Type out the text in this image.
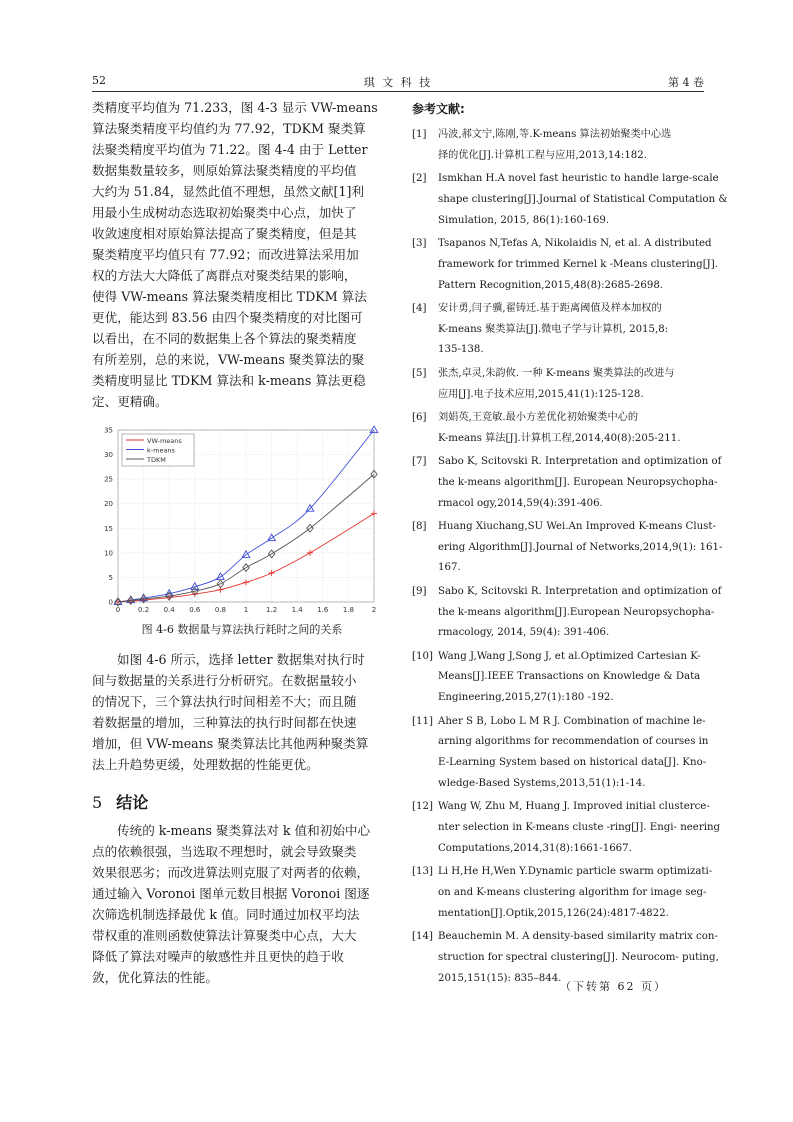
52	琪 文 科 技	第 4 卷

类精度平均值为 71.233，图 4-3 显示 VW-means
算法聚类精度平均值约为 77.92，TDKM 聚类算
法聚类精度平均值为 71.22。图 4-4 由于 Letter
数据集数量较多，则原始算法聚类精度的平均值
大约为 51.84，显然此值不理想，虽然文献[1]利
用最小生成树动态选取初始聚类中心点，加快了
收敛速度相对原始算法提高了聚类精度，但是其
聚类精度平均值只有 77.92；而改进算法采用加
权的方法大大降低了离群点对聚类结果的影响，
使得 VW-means 算法聚类精度相比 TDKM 算法
更优，能达到 83.56 由四个聚类精度的对比图可
以看出，在不同的数据集上各个算法的聚类精度
有所差别，总的来说，VW-means 聚类算法的聚
类精度明显比 TDKM 算法和 k-means 算法更稳
定、更精确。

0	0.2 0.4 0.6 0.8	1	1.2 1.4 1.6 1.8	2
0
5
10
15
20
25
30
35
VW-means
k-means
TDKM
图 4-6 数据量与算法执行耗时之间的关系

如图 4-6 所示，选择 letter 数据集对执行时
间与数据量的关系进行分析研究。在数据量较小
的情况下，三个算法执行时间相差不大；而且随
着数据量的增加，三种算法的执行时间都在快速
增加，但 VW-means 聚类算法比其他两种聚类算
法上升趋势更缓，处理数据的性能更优。

5 结论

传统的 k-means 聚类算法对 k 值和初始中心
点的依赖很强，当选取不理想时，就会导致聚类
效果很恶劣；而改进算法则克服了对两者的依赖，
通过输入 Voronoi 图单元数目根据 Voronoi 图逐
次筛选机制选择最优 k 值。同时通过加权平均法
带权重的准则函数使算法计算聚类中心点，大大
降低了算法对噪声的敏感性并且更快的趋于收
敛，优化算法的性能。

参考文献:
[1] 冯波,郝文宁,陈刚,等.K-means 算法初始聚类中心选
择的优化[J].计算机工程与应用,2013,14:182.
[2] Ismkhan H.A novel fast heuristic to handle large-scale
shape clustering[J].Journal of Statistical Computation &
Simulation, 2015, 86(1):160-169.
[3] Tsapanos N,Tefas A, Nikolaidis N, et al. A distributed
framework for trimmed Kernel k -Means clustering[J].
Pattern Recognition,2015,48(8):2685-2698.
[4] 安计勇,闫子骥,翟铸迁.基于距离阈值及样本加权的
K-means 聚类算法[J].微电子学与计算机, 2015,8:
135-138.
[5] 张杰,卓灵,朱韵攸. 一种 K-means 聚类算法的改进与
应用[J].电子技术应用,2015,41(1):125-128.
[6] 刘娟英,王竞敏.最小方差优化初始聚类中心的
K-means 算法[J].计算机工程,2014,40(8):205-211.
[7] Sabo K, Scitovski R. Interpretation and optimization of
the k-means algorithm[J]. European Neuropsychopha-
rmacol ogy,2014,59(4):391-406.
[8] Huang Xiuchang,SU Wei.An Improved K-means Clust-
ering Algorithm[J].Journal of Networks,2014,9(1): 161-
167.
[9] Sabo K, Scitovski R. Interpretation and optimization of
the k-means algorithm[J].European Neuropsychopha-
rmacology, 2014, 59(4): 391-406.
[10] Wang J,Wang J,Song J, et al.Optimized Cartesian K-
Means[J].IEEE Transactions on Knowledge & Data
Engineering,2015,27(1):180 -192.
[11] Aher S B, Lobo L M R J. Combination of machine le-
arning algorithms for recommendation of courses in
E-Learning System based on historical data[J]. Kno-
wledge-Based Systems,2013,51(1):1-14.
[12] Wang W, Zhu M, Huang J. Improved initial clusterce-
nter selection in K-means cluste -ring[J]. Engi- neering
Computations,2014,31(8):1661-1667.
[13] Li H,He H,Wen Y.Dynamic particle swarm optimizati-
on and K-means clustering algorithm for image seg-
mentation[J].Optik,2015,126(24):4817-4822.
[14] Beauchemin M. A density-based similarity matrix con-
struction for spectral clustering[J]. Neurocom- puting,
2015,151(15): 835–844.
（下转第 62 页）
